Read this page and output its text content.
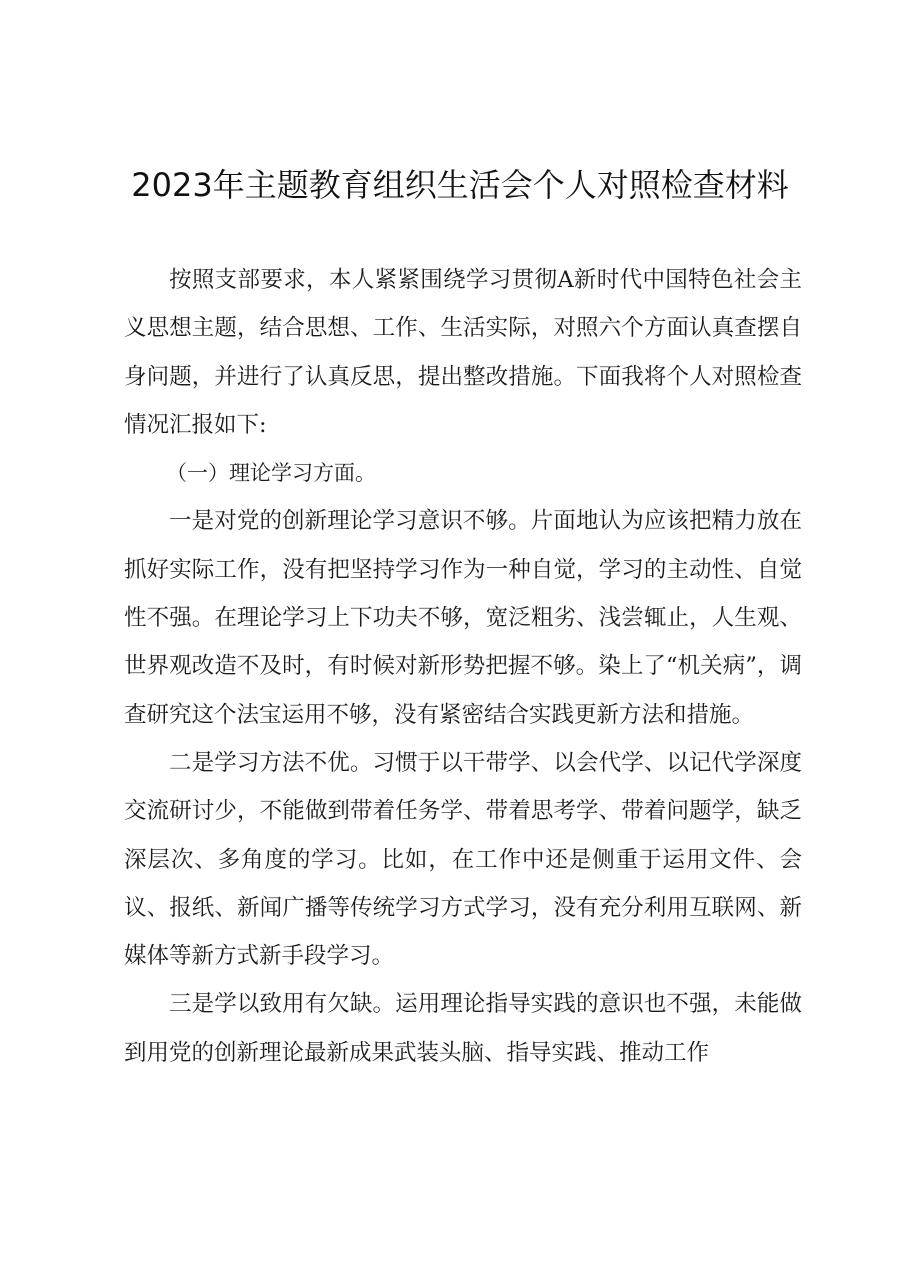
2023年主题教育组织生活会个人对照检查材料

按照支部要求，本人紧紧围绕学习贯彻A新时代中国特色社会主义思想主题，结合思想、工作、生活实际，对照六个方面认真查摆自身问题，并进行了认真反思，提出整改措施。下面我将个人对照检查情况汇报如下:

（一）理论学习方面。

一是对党的创新理论学习意识不够。片面地认为应该把精力放在抓好实际工作，没有把坚持学习作为一种自觉，学习的主动性、自觉性不强。在理论学习上下功夫不够，宽泛粗劣、浅尝辄止，人生观、世界观改造不及时，有时候对新形势把握不够。染上了“机关病”，调查研究这个法宝运用不够，没有紧密结合实践更新方法和措施。

二是学习方法不优。习惯于以干带学、以会代学、以记代学深度交流研讨少，不能做到带着任务学、带着思考学、带着问题学，缺乏深层次、多角度的学习。比如，在工作中还是侧重于运用文件、会议、报纸、新闻广播等传统学习方式学习，没有充分利用互联网、新媒体等新方式新手段学习。

三是学以致用有欠缺。运用理论指导实践的意识也不强，未能做到用党的创新理论最新成果武装头脑、指导实践、推动工作
